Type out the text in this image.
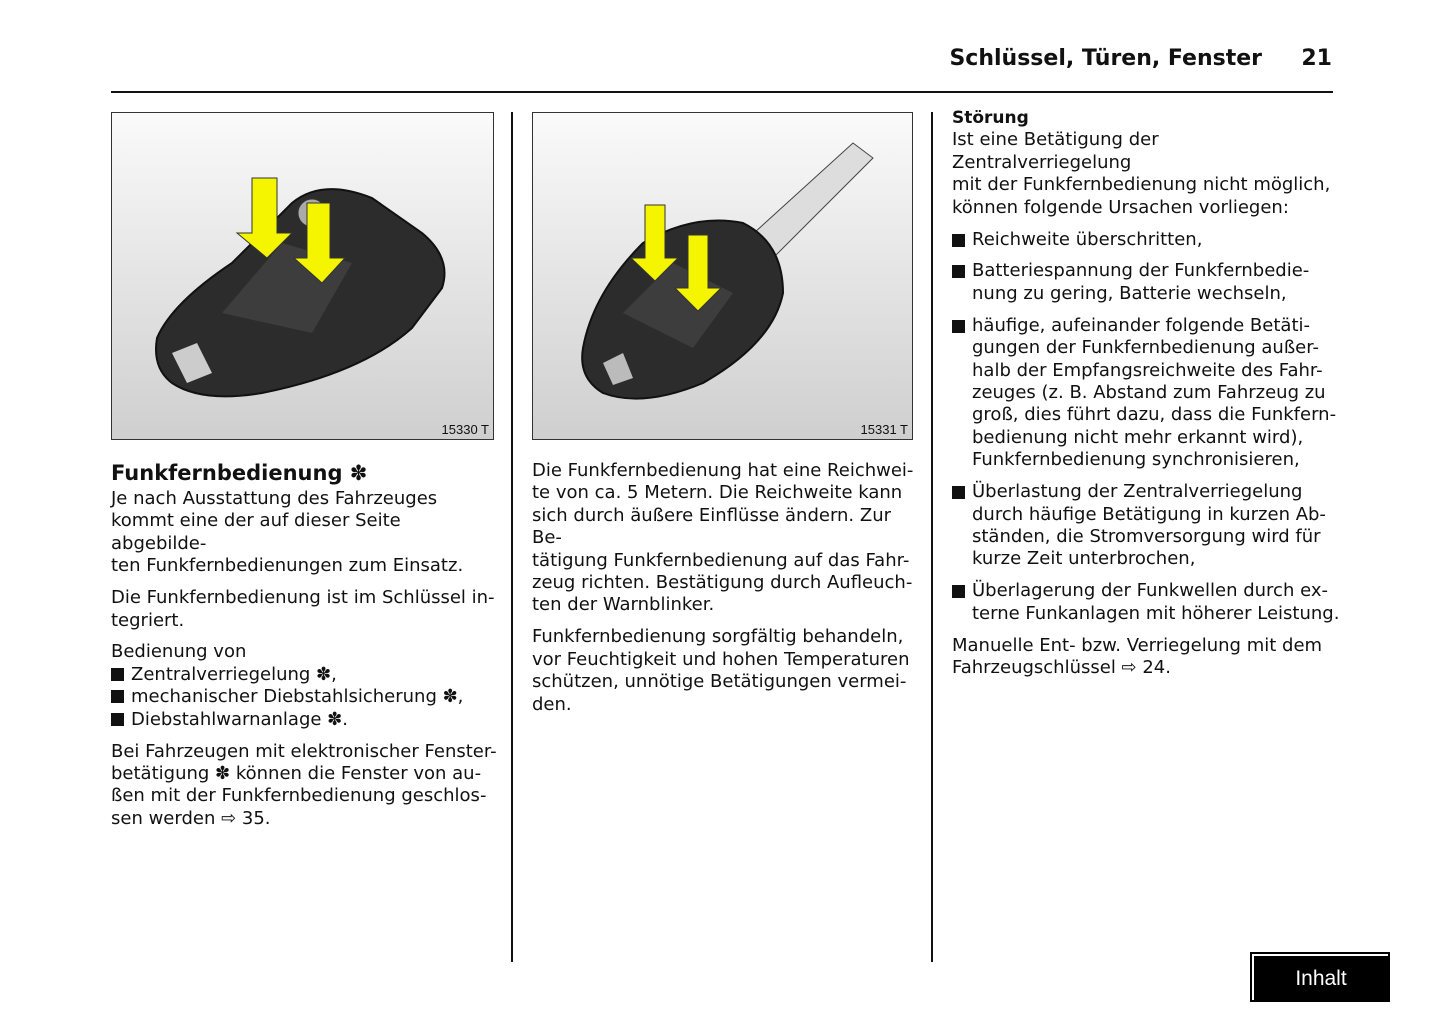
Schlüssel, Türen, Fenster 21
15330 T	15331 T
Funkfernbedienung ✽

Je nach Ausstattung des Fahrzeuges
kommt eine der auf dieser Seite abgebilde-
ten Funkfernbedienungen zum Einsatz.

Die Funkfernbedienung ist im Schlüssel in-
tegriert.

Bedienung von
Zentralverriegelung ✽,
mechanischer Diebstahlsicherung ✽,
Diebstahlwarnanlage ✽.

Bei Fahrzeugen mit elektronischer Fenster-
betätigung ✽ können die Fenster von au-
ßen mit der Funkfernbedienung geschlos-
sen werden ⇨ 35.

Die Funkfernbedienung hat eine Reichwei-
te von ca. 5 Metern. Die Reichweite kann
sich durch äußere Einflüsse ändern. Zur Be-
tätigung Funkfernbedienung auf das Fahr-
zeug richten. Bestätigung durch Aufleuch-
ten der Warnblinker.

Funkfernbedienung sorgfältig behandeln,
vor Feuchtigkeit und hohen Temperaturen
schützen, unnötige Betätigungen vermei-
den.

Störung

Ist eine Betätigung der Zentralverriegelung
mit der Funkfernbedienung nicht möglich,
können folgende Ursachen vorliegen:

Reichweite überschritten,
Batteriespannung der Funkfernbedie-
nung zu gering, Batterie wechseln,
häufige, aufeinander folgende Betäti-
gungen der Funkfernbedienung außer-
halb der Empfangsreichweite des Fahr-
zeuges (z. B. Abstand zum Fahrzeug zu
groß, dies führt dazu, dass die Funkfern-
bedienung nicht mehr erkannt wird),
Funkfernbedienung synchronisieren,
Überlastung der Zentralverriegelung
durch häufige Betätigung in kurzen Ab-
ständen, die Stromversorgung wird für
kurze Zeit unterbrochen,
Überlagerung der Funkwellen durch ex-
terne Funkanlagen mit höherer Leistung.

Manuelle Ent- bzw. Verriegelung mit dem
Fahrzeugschlüssel ⇨ 24.

Inhalt
